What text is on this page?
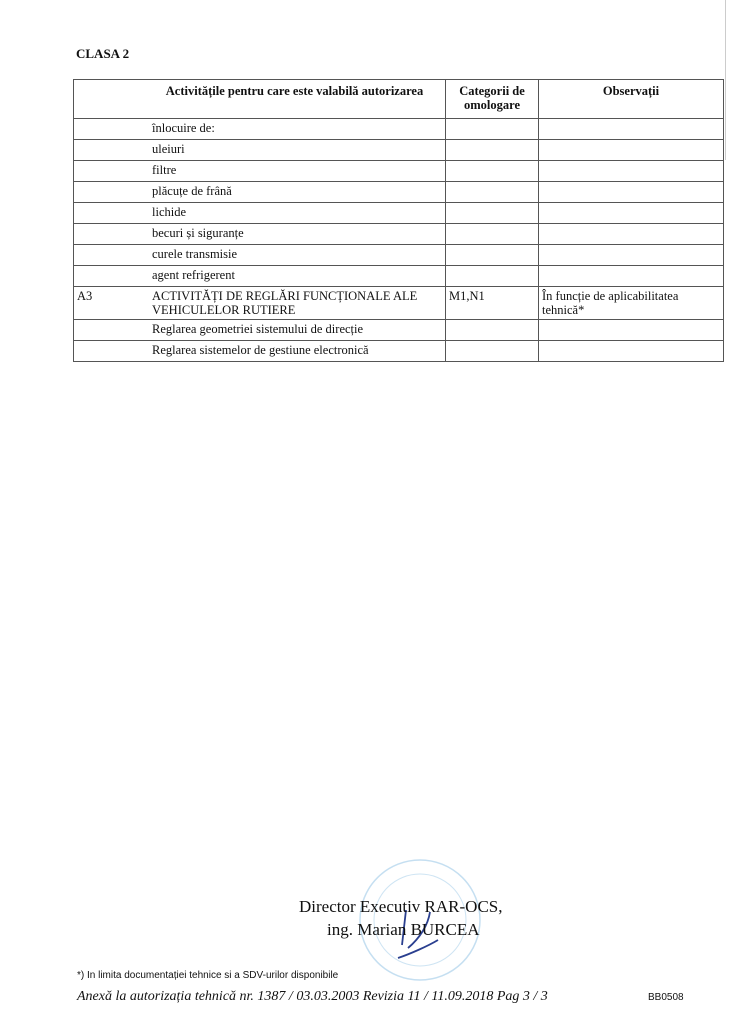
CLASA 2
	Activitățile pentru care este valabilă autorizarea	Categorii de omologare	Observații
	înlocuire de:		
	uleiuri		
	filtre		
	plăcuțe de frână		
	lichide		
	becuri și siguranțe		
	curele transmisie		
	agent refrigerent		
A3	ACTIVITĂȚI DE REGLĂRI FUNCȚIONALE ALE VEHICULELOR RUTIERE	M1,N1	În funcție de aplicabilitatea tehnică*
	Reglarea geometriei sistemului de direcție		
	Reglarea sistemelor de gestiune electronică		
Director Executiv RAR-OCS,
ing. Marian BURCEA
*) In limita documentației tehnice si a SDV-urilor disponibile
Anexă la autorizația tehnică nr. 1387 / 03.03.2003 Revizia 11 / 11.09.2018 Pag 3 / 3	BB0508
